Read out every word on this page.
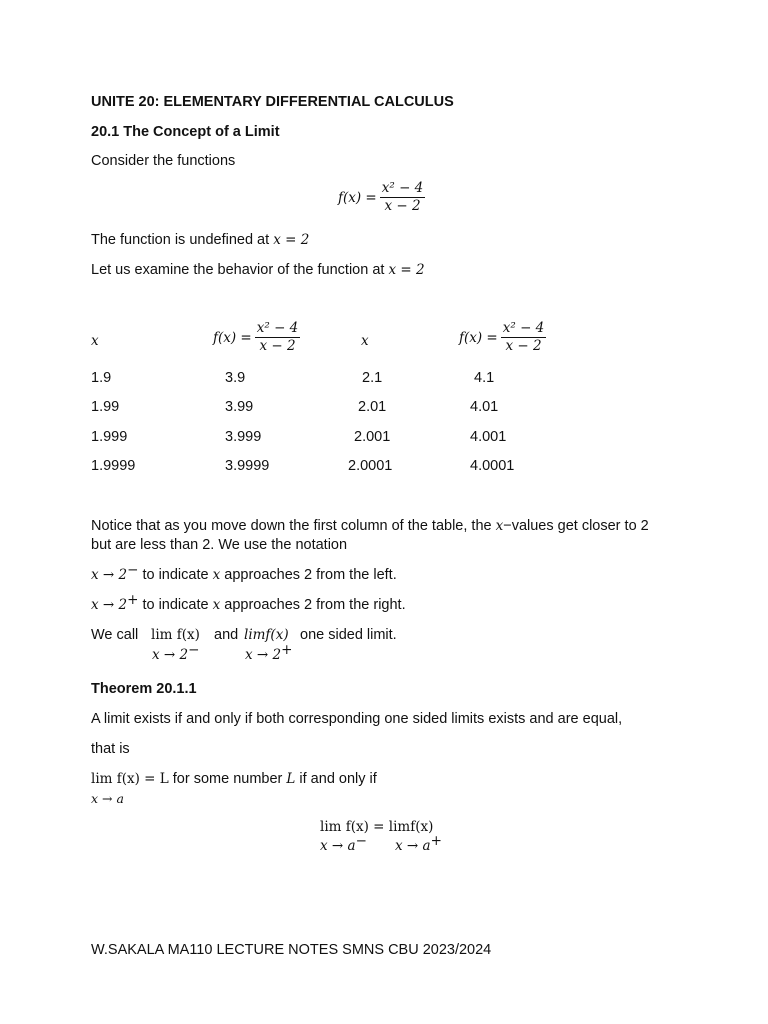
UNITE 20: ELEMENTARY DIFFERENTIAL CALCULUS
20.1 The Concept of a Limit
Consider the functions
$f(x) = \frac{\text{x² − 4}}{x - 2}$
The function is undefined at x = 2
Let us examine the behavior of the function at x = 2
x	$f(x) = \frac{\text{x² − 4}}{x - 2}$	x	$f(x) = \frac{\text{x² − 4}}{x - 2}$
1.9	3.9	2.1	4.1
1.99	3.99	2.01	4.01
1.999	3.999	2.001	4.001
1.9999	3.9999	2.0001	4.0001
Notice that as you move down the first column of the table, the x−values get closer to 2
but are less than 2. We use the notation
x → 2− to indicate x approaches 2 from the left.
x → 2+ to indicate x approaches 2 from the right.
We call lim f(x) and limf(x) one sided limit.
x → 2−	x → 2+
Theorem 20.1.1
A limit exists if and only if both corresponding one sided limits exists and are equal,
that is
lim f(x) = L for some number L if and only if
x → a
lim f(x) = limf(x)
x → a− x → a+
W.SAKALA MA110 LECTURE NOTES SMNS CBU 2023/2024
